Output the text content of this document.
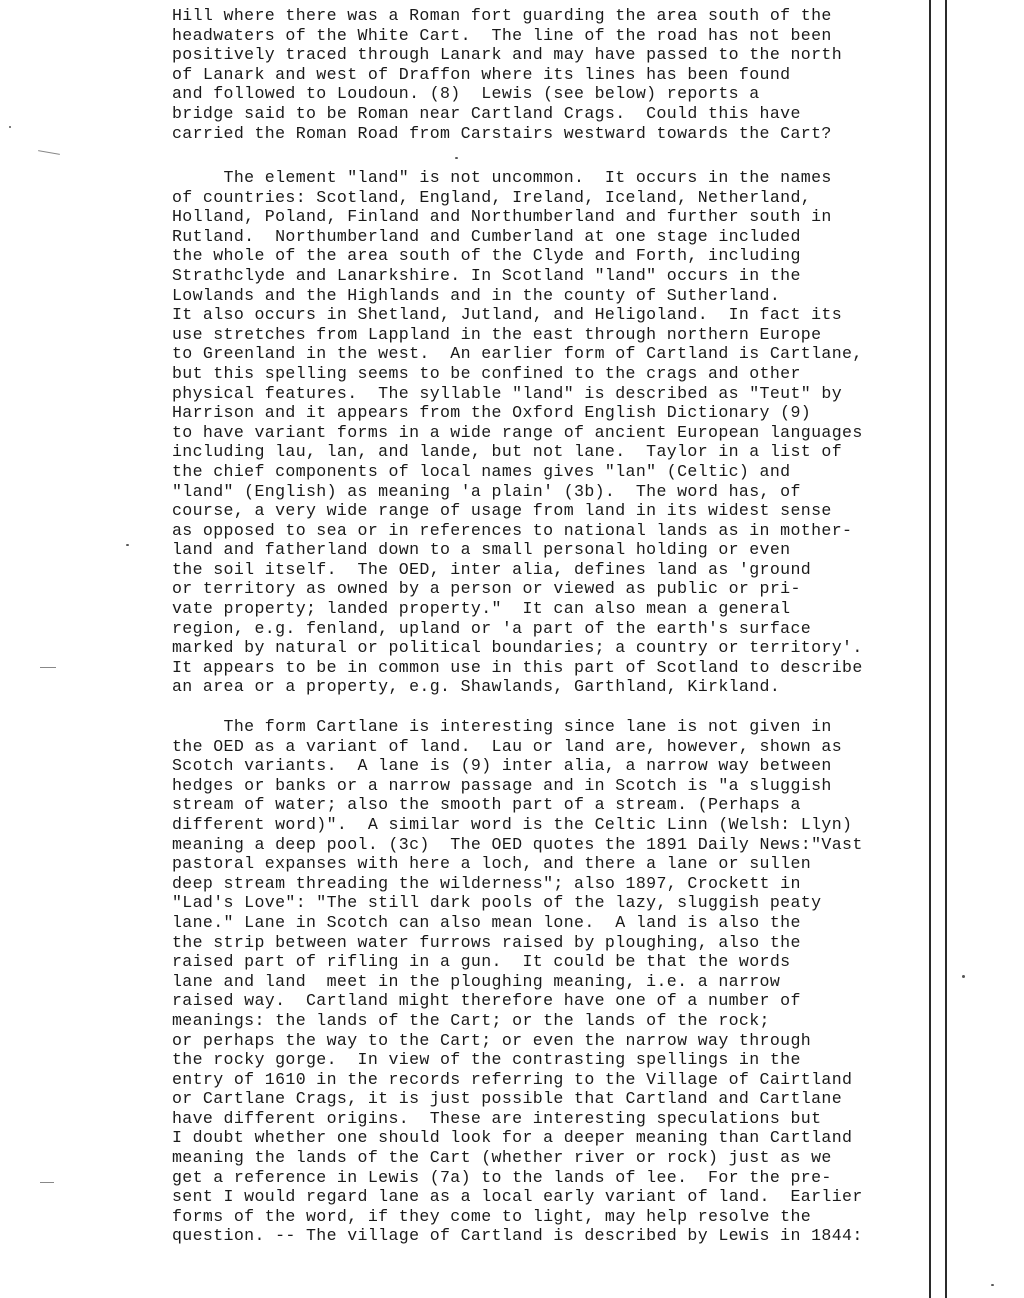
Hill where there was a Roman fort guarding the area south of the
headwaters of the White Cart.  The line of the road has not been
positively traced through Lanark and may have passed to the north
of Lanark and west of Draffon where its lines has been found
and followed to Loudoun. (8)  Lewis (see below) reports a
bridge said to be Roman near Cartland Crags.  Could this have
carried the Roman Road from Carstairs westward towards the Cart?
The element "land" is not uncommon.  It occurs in the names
of countries: Scotland, England, Ireland, Iceland, Netherland,
Holland, Poland, Finland and Northumberland and further south in
Rutland.  Northumberland and Cumberland at one stage included
the whole of the area south of the Clyde and Forth, including
Strathclyde and Lanarkshire. In Scotland "land" occurs in the
Lowlands and the Highlands and in the county of Sutherland.
It also occurs in Shetland, Jutland, and Heligoland.  In fact its
use stretches from Lappland in the east through northern Europe
to Greenland in the west.  An earlier form of Cartland is Cartlane,
but this spelling seems to be confined to the crags and other
physical features.  The syllable "land" is described as "Teut" by
Harrison and it appears from the Oxford English Dictionary (9)
to have variant forms in a wide range of ancient European languages
including lau, lan, and lande, but not lane.  Taylor in a list of
the chief components of local names gives "lan" (Celtic) and
"land" (English) as meaning 'a plain' (3b).  The word has, of
course, a very wide range of usage from land in its widest sense
as opposed to sea or in references to national lands as in mother-
land and fatherland down to a small personal holding or even
the soil itself.  The OED, inter alia, defines land as 'ground
or territory as owned by a person or viewed as public or pri-
vate property; landed property."  It can also mean a general
region, e.g. fenland, upland or 'a part of the earth's surface
marked by natural or political boundaries; a country or territory'.
It appears to be in common use in this part of Scotland to describe
an area or a property, e.g. Shawlands, Garthland, Kirkland.
The form Cartlane is interesting since lane is not given in
the OED as a variant of land.  Lau or land are, however, shown as
Scotch variants.  A lane is (9) inter alia, a narrow way between
hedges or banks or a narrow passage and in Scotch is "a sluggish
stream of water; also the smooth part of a stream. (Perhaps a
different word)".  A similar word is the Celtic Linn (Welsh: Llyn)
meaning a deep pool. (3c)  The OED quotes the 1891 Daily News:"Vast
pastoral expanses with here a loch, and there a lane or sullen
deep stream threading the wilderness"; also 1897, Crockett in
"Lad's Love": "The still dark pools of the lazy, sluggish peaty
lane." Lane in Scotch can also mean lone.  A land is also the
the strip between water furrows raised by ploughing, also the
raised part of rifling in a gun.  It could be that the words
lane and land  meet in the ploughing meaning, i.e. a narrow
raised way.  Cartland might therefore have one of a number of
meanings: the lands of the Cart; or the lands of the rock;
or perhaps the way to the Cart; or even the narrow way through
the rocky gorge.  In view of the contrasting spellings in the
entry of 1610 in the records referring to the Village of Cairtland
or Cartlane Crags, it is just possible that Cartland and Cartlane
have different origins.  These are interesting speculations but
I doubt whether one should look for a deeper meaning than Cartland
meaning the lands of the Cart (whether river or rock) just as we
get a reference in Lewis (7a) to the lands of lee.  For the pre-
sent I would regard lane as a local early variant of land.  Earlier
forms of the word, if they come to light, may help resolve the
question. -- The village of Cartland is described by Lewis in 1844:
